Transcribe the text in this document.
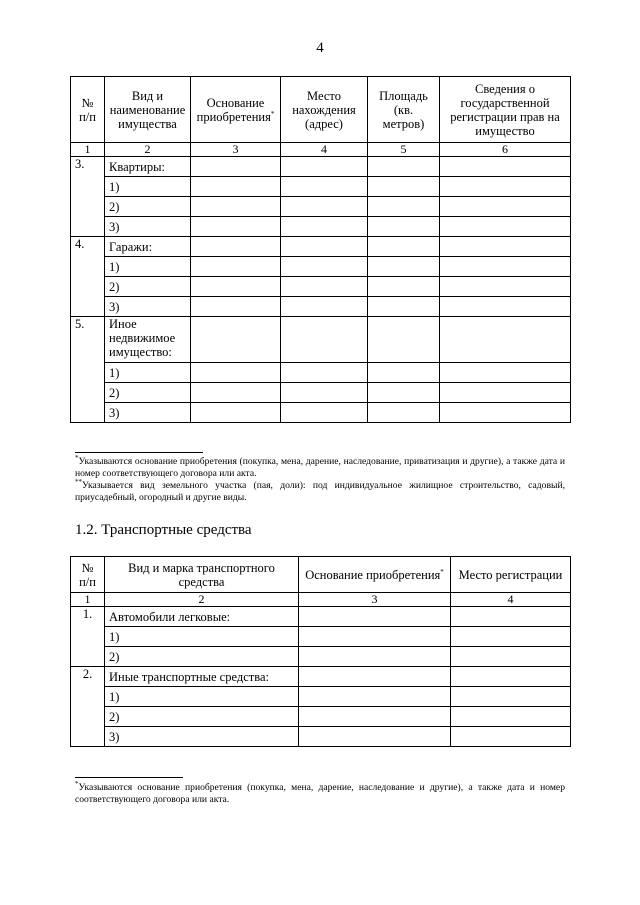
4
№ п/п	Вид и наименование имущества	Основание приобретения*	Место нахождения (адрес)	Площадь (кв. метров)	Сведения о государственной регистрации прав на имущество
1	2	3	4	5	6
3.	Квартиры:				
	1)				
	2)				
	3)				
4.	Гаражи:				
	1)				
	2)				
	3)				
5.	Иное недвижимое имущество:				
	1)				
	2)				
	3)				
*Указываются основание приобретения (покупка, мена, дарение, наследование, приватизация и другие), а также дата и номер соответствующего договора или акта.
**Указывается вид земельного участка (пая, доли): под индивидуальное жилищное строительство, садовый, приусадебный, огородный и другие виды.
1.2. Транспортные средства
№ п/п	Вид и марка транспортного средства	Основание приобретения*	Место регистрации
1	2	3	4
1.	Автомобили легковые:		
	1)		
	2)		
2.	Иные транспортные средства:		
	1)		
	2)		
	3)		
*Указываются основание приобретения (покупка, мена, дарение, наследование и другие), а также дата и номер соответствующего договора или акта.
